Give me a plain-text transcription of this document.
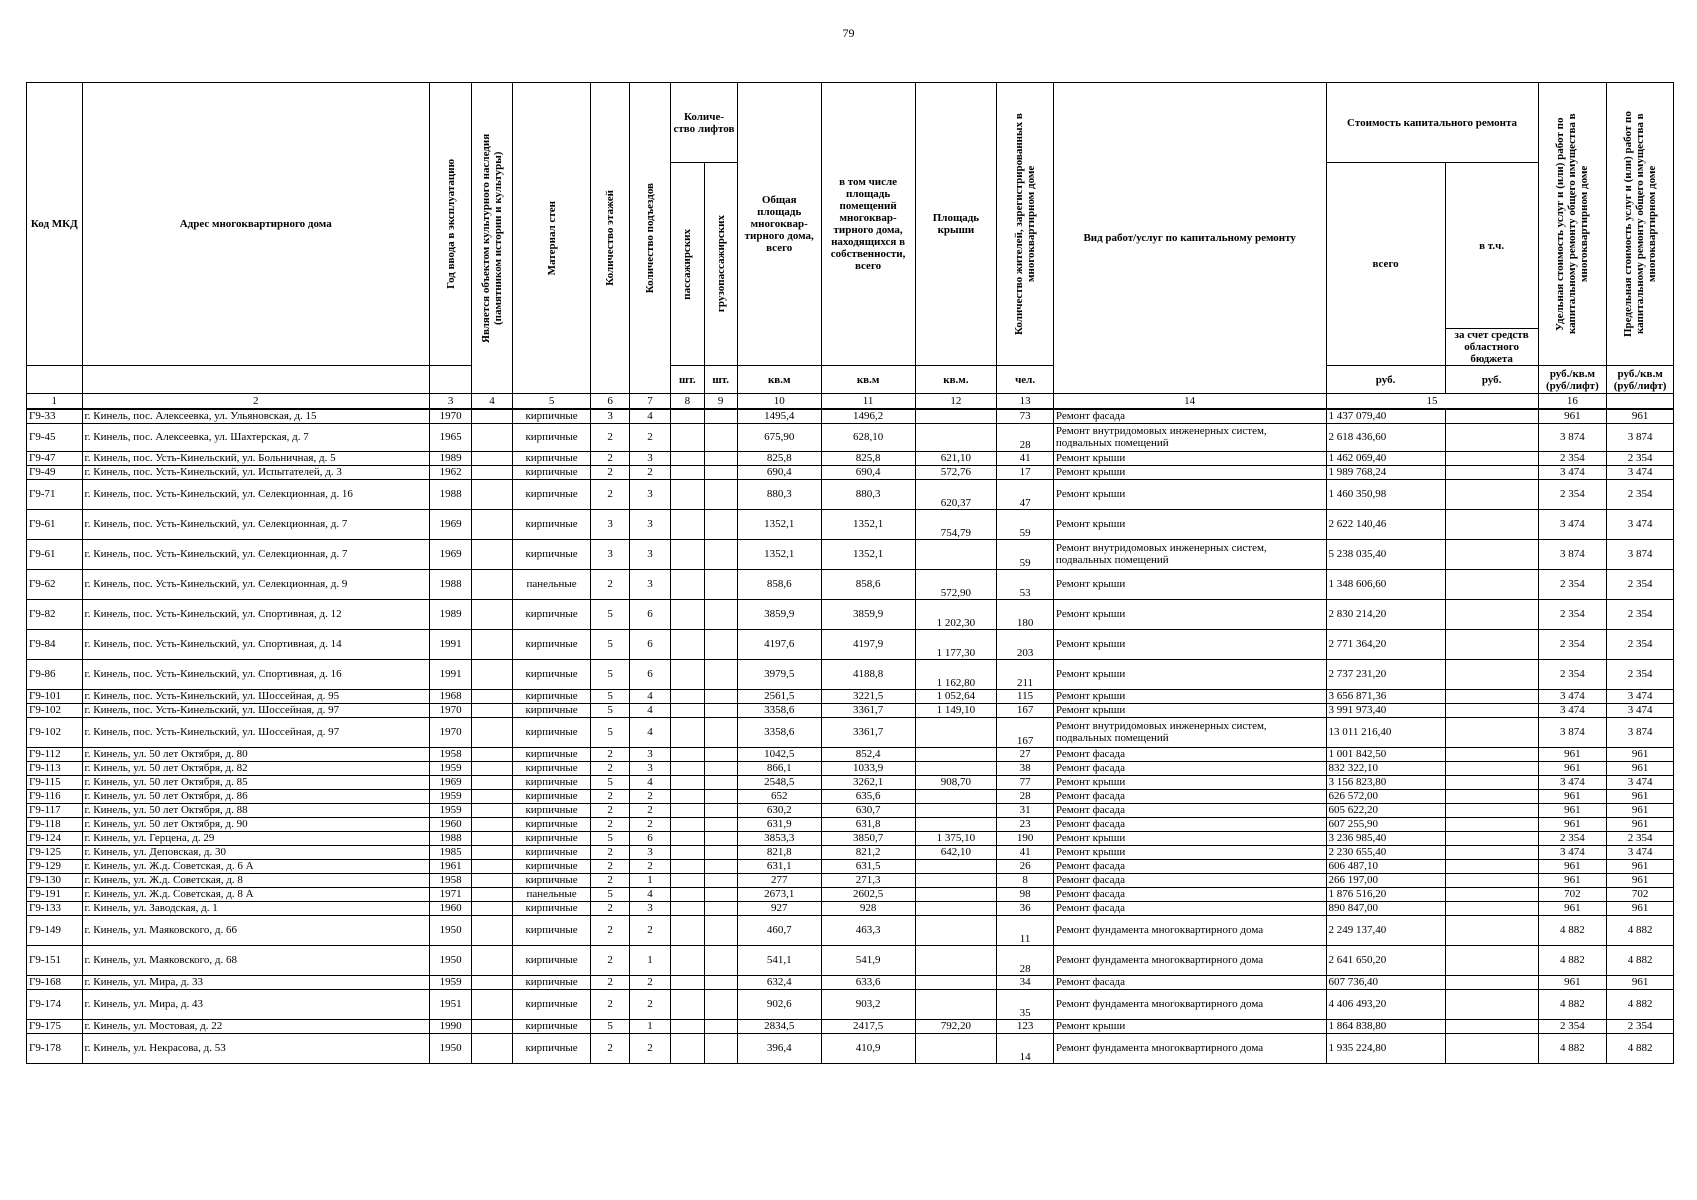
79
Код МКД	Адрес многоквартирного дома	Год ввода в эксплуатацию	Является объектом культурного наследия (памятником истории и культуры)	Материал стен	Количество этажей	Количество подъездов	Количе-ство лифтов		Общая площадь многоквар-тирного дома, всего	в том числе площадь помещений многоквар-тирного дома, находящихся в собственности, всего	Площадь крыши	Количество жителей, зарегистрированных в многоквартирном доме	Вид работ/услуг по капитальному ремонту	Стоимость капитального ремонта		Удельная стоимость услуг и (или) работ по капитальному ремонту общего имущества в многоквартирном доме	Предельная стоимость услуг и (или) работ по капитальному ремонту общего имущества в многоквартирном доме

							пассажирских	грузопассажирских						всего	в т.ч.		
															за счет средств областного бюджета		
							шт.	шт.	кв.м	кв.м	кв.м.	чел.		руб.	руб.	руб./кв.м (руб/лифт)	руб./кв.м (руб/лифт)
1	2	3	4	5	6	7	8	9	10	11	12	13	14	15		16	
Г9-33	г. Кинель, пос. Алексеевка, ул. Ульяновская, д. 15	1970		кирпичные	3	4			1495,4	1496,2		73	Ремонт фасада	1 437 079,40		961	961
Г9-45	г. Кинель, пос. Алексеевка, ул. Шахтерская, д. 7	1965		кирпичные	2	2			675,90	628,10		28	Ремонт внутридомовых инженерных систем, подвальных помещений	2 618 436,60		3 874	3 874
Г9-47	г. Кинель, пос. Усть-Кинельский, ул. Больничная, д. 5	1989		кирпичные	2	3			825,8	825,8	621,10	41	Ремонт крыши	1 462 069,40		2 354	2 354
Г9-49	г. Кинель, пос. Усть-Кинельский, ул. Испытателей, д. 3	1962		кирпичные	2	2			690,4	690,4	572,76	17	Ремонт крыши	1 989 768,24		3 474	3 474
Г9-71	г. Кинель, пос. Усть-Кинельский, ул. Селекционная, д. 16	1988		кирпичные	2	3			880,3	880,3	620,37	47	Ремонт крыши	1 460 350,98		2 354	2 354
Г9-61	г. Кинель, пос. Усть-Кинельский, ул. Селекционная, д. 7	1969		кирпичные	3	3			1352,1	1352,1	754,79	59	Ремонт крыши	2 622 140,46		3 474	3 474
Г9-61	г. Кинель, пос. Усть-Кинельский, ул. Селекционная, д. 7	1969		кирпичные	3	3			1352,1	1352,1		59	Ремонт внутридомовых инженерных систем, подвальных помещений	5 238 035,40		3 874	3 874
Г9-62	г. Кинель, пос. Усть-Кинельский, ул. Селекционная, д. 9	1988		панельные	2	3			858,6	858,6	572,90	53	Ремонт крыши	1 348 606,60		2 354	2 354
Г9-82	г. Кинель, пос. Усть-Кинельский, ул. Спортивная, д. 12	1989		кирпичные	5	6			3859,9	3859,9	1 202,30	180	Ремонт крыши	2 830 214,20		2 354	2 354
Г9-84	г. Кинель, пос. Усть-Кинельский, ул. Спортивная, д. 14	1991		кирпичные	5	6			4197,6	4197,9	1 177,30	203	Ремонт крыши	2 771 364,20		2 354	2 354
Г9-86	г. Кинель, пос. Усть-Кинельский, ул. Спортивная, д. 16	1991		кирпичные	5	6			3979,5	4188,8	1 162,80	211	Ремонт крыши	2 737 231,20		2 354	2 354
Г9-101	г. Кинель, пос. Усть-Кинельский, ул. Шоссейная, д. 95	1968		кирпичные	5	4			2561,5	3221,5	1 052,64	115	Ремонт крыши	3 656 871,36		3 474	3 474
Г9-102	г. Кинель, пос. Усть-Кинельский, ул. Шоссейная, д. 97	1970		кирпичные	5	4			3358,6	3361,7	1 149,10	167	Ремонт крыши	3 991 973,40		3 474	3 474
Г9-102	г. Кинель, пос. Усть-Кинельский, ул. Шоссейная, д. 97	1970		кирпичные	5	4			3358,6	3361,7		167	Ремонт внутридомовых инженерных систем, подвальных помещений	13 011 216,40		3 874	3 874
Г9-112	г. Кинель, ул. 50 лет Октября, д. 80	1958		кирпичные	2	3			1042,5	852,4		27	Ремонт фасада	1 001 842,50		961	961
Г9-113	г. Кинель, ул. 50 лет Октября, д. 82	1959		кирпичные	2	3			866,1	1033,9		38	Ремонт фасада	832 322,10		961	961
Г9-115	г. Кинель, ул. 50 лет Октября, д. 85	1969		кирпичные	5	4			2548,5	3262,1	908,70	77	Ремонт крыши	3 156 823,80		3 474	3 474
Г9-116	г. Кинель, ул. 50 лет Октября, д. 86	1959		кирпичные	2	2			652	635,6		28	Ремонт фасада	626 572,00		961	961
Г9-117	г. Кинель, ул. 50 лет Октября, д. 88	1959		кирпичные	2	2			630,2	630,7		31	Ремонт фасада	605 622,20		961	961
Г9-118	г. Кинель, ул. 50 лет Октября, д. 90	1960		кирпичные	2	2			631,9	631,8		23	Ремонт фасада	607 255,90		961	961
Г9-124	г. Кинель, ул. Герцена, д. 29	1988		кирпичные	5	6			3853,3	3850,7	1 375,10	190	Ремонт крыши	3 236 985,40		2 354	2 354
Г9-125	г. Кинель, ул. Деповская, д. 30	1985		кирпичные	2	3			821,8	821,2	642,10	41	Ремонт крыши	2 230 655,40		3 474	3 474
Г9-129	г. Кинель, ул. Ж.д. Советская, д. 6 А	1961		кирпичные	2	2			631,1	631,5		26	Ремонт фасада	606 487,10		961	961
Г9-130	г. Кинель, ул. Ж.д. Советская, д. 8	1958		кирпичные	2	1			277	271,3		8	Ремонт фасада	266 197,00		961	961
Г9-191	г. Кинель, ул. Ж.д. Советская, д. 8 А	1971		панельные	5	4			2673,1	2602,5		98	Ремонт фасада	1 876 516,20		702	702
Г9-133	г. Кинель, ул. Заводская, д. 1	1960		кирпичные	2	3			927	928		36	Ремонт фасада	890 847,00		961	961
Г9-149	г. Кинель, ул. Маяковского, д. 66	1950		кирпичные	2	2			460,7	463,3		11	Ремонт фундамента многоквартирного дома	2 249 137,40		4 882	4 882
Г9-151	г. Кинель, ул. Маяковского, д. 68	1950		кирпичные	2	1			541,1	541,9		28	Ремонт фундамента многоквартирного дома	2 641 650,20		4 882	4 882
Г9-168	г. Кинель, ул. Мира, д. 33	1959		кирпичные	2	2			632,4	633,6		34	Ремонт фасада	607 736,40		961	961
Г9-174	г. Кинель, ул. Мира, д. 43	1951		кирпичные	2	2			902,6	903,2		35	Ремонт фундамента многоквартирного дома	4 406 493,20		4 882	4 882
Г9-175	г. Кинель, ул. Мостовая, д. 22	1990		кирпичные	5	1			2834,5	2417,5	792,20	123	Ремонт крыши	1 864 838,80		2 354	2 354
Г9-178	г. Кинель, ул. Некрасова, д. 53	1950		кирпичные	2	2			396,4	410,9		14	Ремонт фундамента многоквартирного дома	1 935 224,80		4 882	4 882
